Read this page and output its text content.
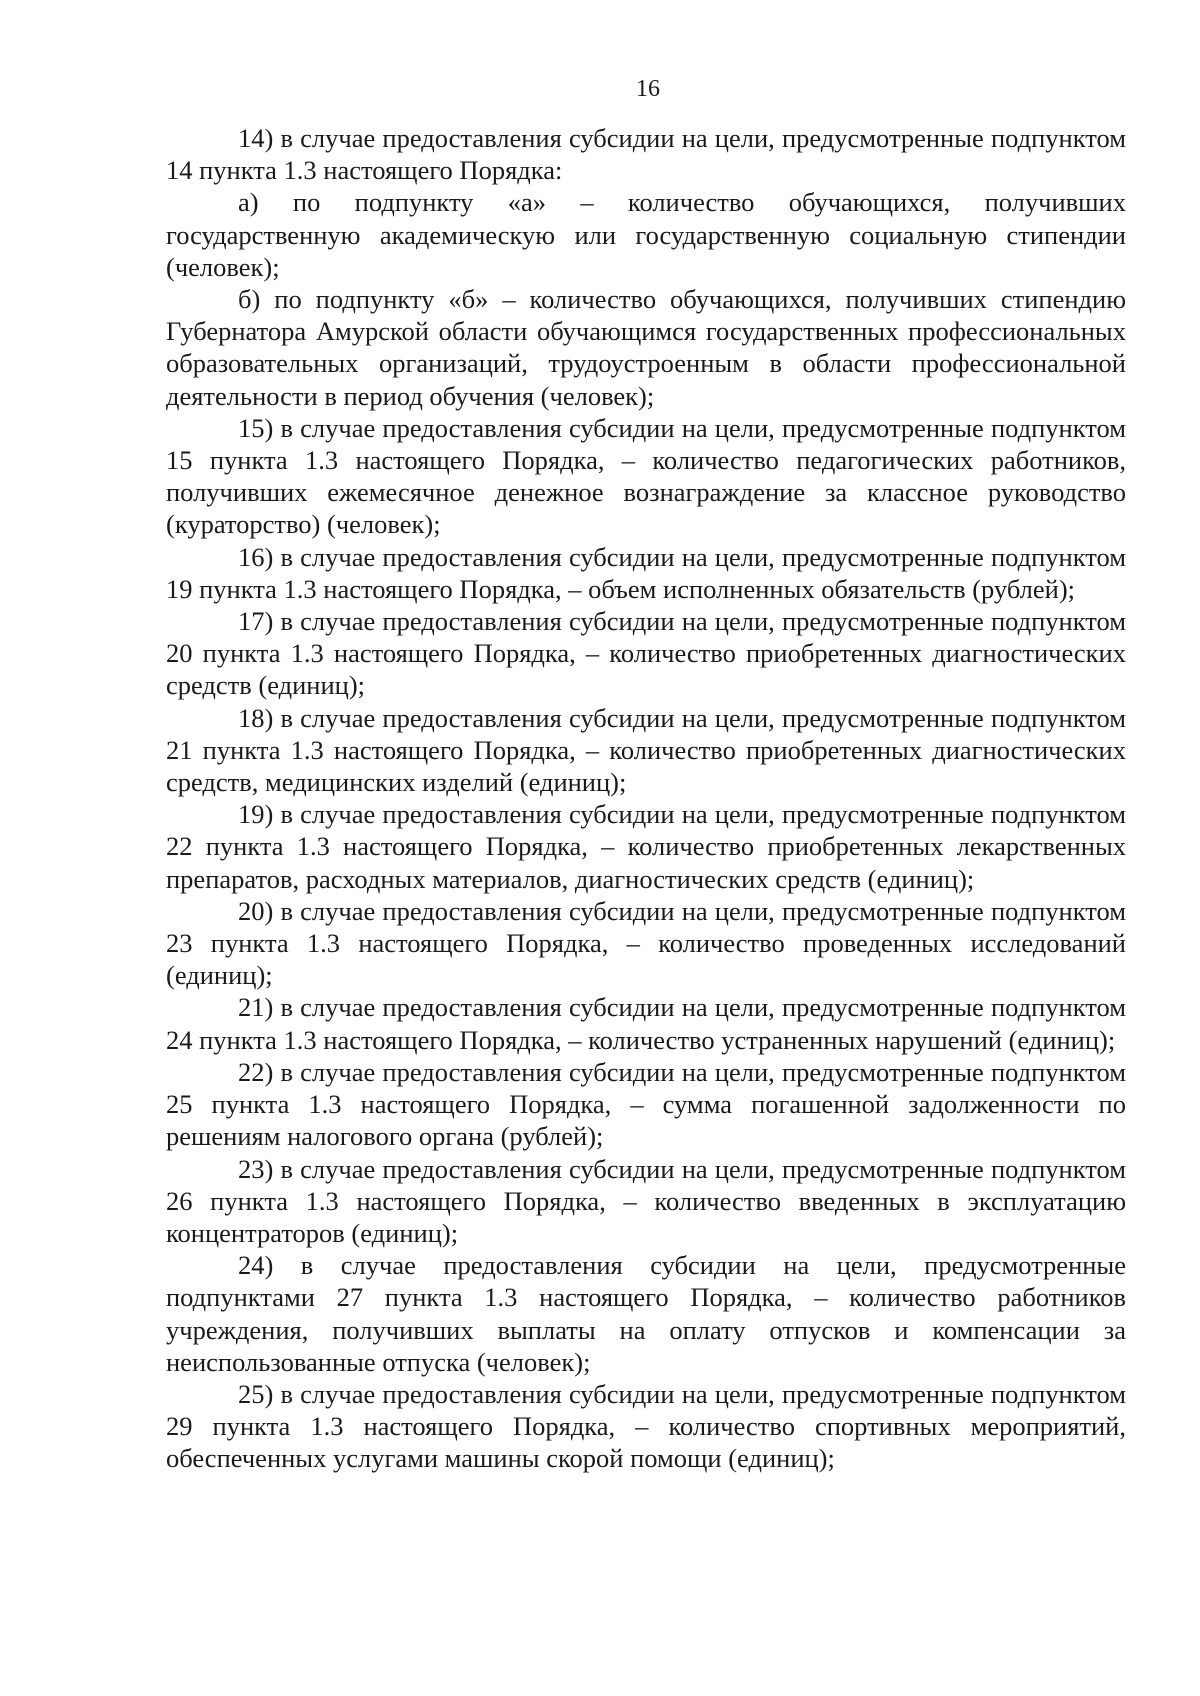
16

14) в случае предоставления субсидии на цели, предусмотренные подпунктом 14 пункта 1.3 настоящего Порядка:

а) по подпункту «а» – количество обучающихся, получивших государственную академическую или государственную социальную стипендии (человек);

б) по подпункту «б» – количество обучающихся, получивших стипендию Губернатора Амурской области обучающимся государственных профессиональных образовательных организаций, трудоустроенным в области профессиональной деятельности в период обучения (человек);

15) в случае предоставления субсидии на цели, предусмотренные подпунктом 15 пункта 1.3 настоящего Порядка, – количество педагогических работников, получивших ежемесячное денежное вознаграждение за классное руководство (кураторство) (человек);

16) в случае предоставления субсидии на цели, предусмотренные подпунктом 19 пункта 1.3 настоящего Порядка, – объем исполненных обязательств (рублей);

17) в случае предоставления субсидии на цели, предусмотренные подпунктом 20 пункта 1.3 настоящего Порядка, – количество приобретенных диагностических средств (единиц);

18) в случае предоставления субсидии на цели, предусмотренные подпунктом 21 пункта 1.3 настоящего Порядка, – количество приобретенных диагностических средств, медицинских изделий (единиц);

19) в случае предоставления субсидии на цели, предусмотренные подпунктом 22 пункта 1.3 настоящего Порядка, – количество приобретенных лекарственных препаратов, расходных материалов, диагностических средств (единиц);

20) в случае предоставления субсидии на цели, предусмотренные подпунктом 23 пункта 1.3 настоящего Порядка, – количество проведенных исследований (единиц);

21) в случае предоставления субсидии на цели, предусмотренные подпунктом 24 пункта 1.3 настоящего Порядка, – количество устраненных нарушений (единиц);

22) в случае предоставления субсидии на цели, предусмотренные подпунктом 25 пункта 1.3 настоящего Порядка, – сумма погашенной задолженности по решениям налогового органа (рублей);

23) в случае предоставления субсидии на цели, предусмотренные подпунктом 26 пункта 1.3 настоящего Порядка, – количество введенных в эксплуатацию концентраторов (единиц);

24) в случае предоставления субсидии на цели, предусмотренные подпунктами 27 пункта 1.3 настоящего Порядка, – количество работников учреждения, получивших выплаты на оплату отпусков и компенсации за неиспользованные отпуска (человек);

25) в случае предоставления субсидии на цели, предусмотренные подпунктом 29 пункта 1.3 настоящего Порядка, – количество спортивных мероприятий, обеспеченных услугами машины скорой помощи (единиц);
